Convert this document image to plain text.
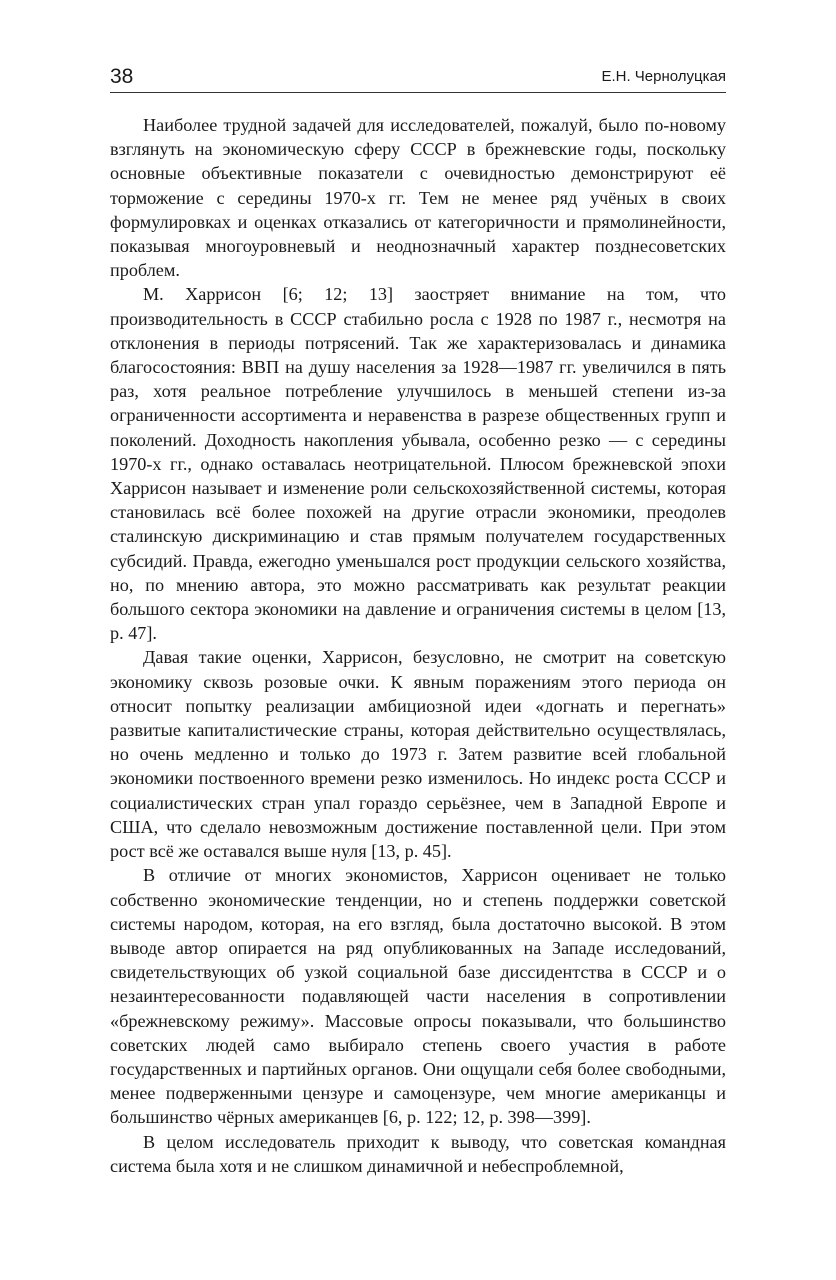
38	Е.Н. Чернолуцкая

Наиболее трудной задачей для исследователей, пожалуй, было по-новому взглянуть на экономическую сферу СССР в брежневские годы, поскольку основные объективные показатели с очевидностью демонстрируют её торможение с середины 1970-х гг. Тем не менее ряд учёных в своих формулировках и оценках отказались от категоричности и прямолинейности, показывая многоуровневый и неоднозначный характер позднесоветских проблем.

М. Харрисон [6; 12; 13] заостряет внимание на том, что производительность в СССР стабильно росла с 1928 по 1987 г., несмотря на отклонения в периоды потрясений. Так же характеризовалась и динамика благосостояния: ВВП на душу населения за 1928—1987 гг. увеличился в пять раз, хотя реальное потребление улучшилось в меньшей степени из-за ограниченности ассортимента и неравенства в разрезе общественных групп и поколений. Доходность накопления убывала, особенно резко — с середины 1970-х гг., однако оставалась неотрицательной. Плюсом брежневской эпохи Харрисон называет и изменение роли сельскохозяйственной системы, которая становилась всё более похожей на другие отрасли экономики, преодолев сталинскую дискриминацию и став прямым получателем государственных субсидий. Правда, ежегодно уменьшался рост продукции сельского хозяйства, но, по мнению автора, это можно рассматривать как результат реакции большого сектора экономики на давление и ограничения системы в целом [13, p. 47].

Давая такие оценки, Харрисон, безусловно, не смотрит на советскую экономику сквозь розовые очки. К явным поражениям этого периода он относит попытку реализации амбициозной идеи «догнать и перегнать» развитые капиталистические страны, которая действительно осуществлялась, но очень медленно и только до 1973 г. Затем развитие всей глобальной экономики поствоенного времени резко изменилось. Но индекс роста СССР и социалистических стран упал гораздо серьёзнее, чем в Западной Европе и США, что сделало невозможным достижение поставленной цели. При этом рост всё же оставался выше нуля [13, p. 45].

В отличие от многих экономистов, Харрисон оценивает не только собственно экономические тенденции, но и степень поддержки советской системы народом, которая, на его взгляд, была достаточно высокой. В этом выводе автор опирается на ряд опубликованных на Западе исследований, свидетельствующих об узкой социальной базе диссидентства в СССР и о незаинтересованности подавляющей части населения в сопротивлении «брежневскому режиму». Массовые опросы показывали, что большинство советских людей само выбирало степень своего участия в работе государственных и партийных органов. Они ощущали себя более свободными, менее подверженными цензуре и самоцензуре, чем многие американцы и большинство чёрных американцев [6, p. 122; 12, p. 398—399].

В целом исследователь приходит к выводу, что советская командная система была хотя и не слишком динамичной и небеспроблемной,
